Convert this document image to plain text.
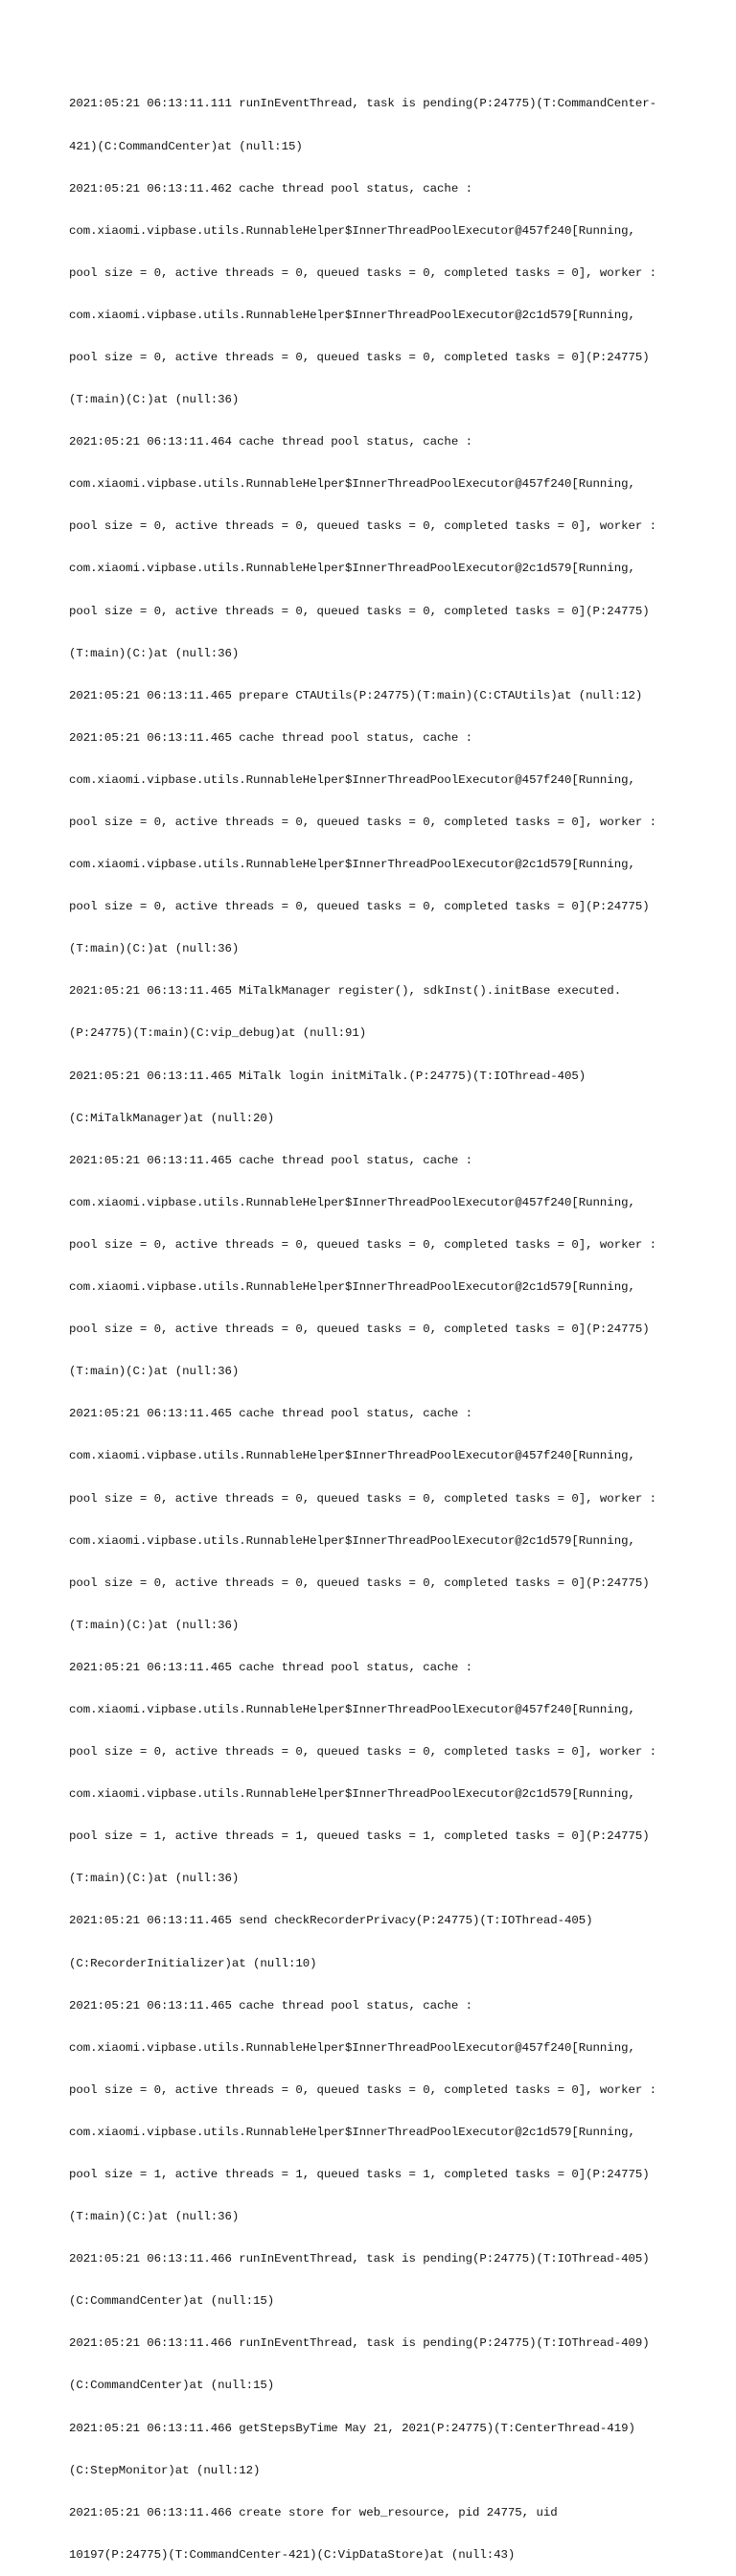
2021:05:21 06:13:11.111 runInEventThread, task is pending(P:24775)(T:CommandCenter-

421)(C:CommandCenter)at (null:15)

2021:05:21 06:13:11.462 cache thread pool status, cache :

com.xiaomi.vipbase.utils.RunnableHelper$InnerThreadPoolExecutor@457f240[Running,

pool size = 0, active threads = 0, queued tasks = 0, completed tasks = 0], worker :

com.xiaomi.vipbase.utils.RunnableHelper$InnerThreadPoolExecutor@2c1d579[Running,

pool size = 0, active threads = 0, queued tasks = 0, completed tasks = 0](P:24775)

(T:main)(C:)at (null:36)

2021:05:21 06:13:11.464 cache thread pool status, cache :

com.xiaomi.vipbase.utils.RunnableHelper$InnerThreadPoolExecutor@457f240[Running,

pool size = 0, active threads = 0, queued tasks = 0, completed tasks = 0], worker :

com.xiaomi.vipbase.utils.RunnableHelper$InnerThreadPoolExecutor@2c1d579[Running,

pool size = 0, active threads = 0, queued tasks = 0, completed tasks = 0](P:24775)

(T:main)(C:)at (null:36)

2021:05:21 06:13:11.465 prepare CTAUtils(P:24775)(T:main)(C:CTAUtils)at (null:12)

2021:05:21 06:13:11.465 cache thread pool status, cache :

com.xiaomi.vipbase.utils.RunnableHelper$InnerThreadPoolExecutor@457f240[Running,

pool size = 0, active threads = 0, queued tasks = 0, completed tasks = 0], worker :

com.xiaomi.vipbase.utils.RunnableHelper$InnerThreadPoolExecutor@2c1d579[Running,

pool size = 0, active threads = 0, queued tasks = 0, completed tasks = 0](P:24775)

(T:main)(C:)at (null:36)

2021:05:21 06:13:11.465 MiTalkManager register(), sdkInst().initBase executed.

(P:24775)(T:main)(C:vip_debug)at (null:91)

2021:05:21 06:13:11.465 MiTalk login initMiTalk.(P:24775)(T:IOThread-405)

(C:MiTalkManager)at (null:20)

2021:05:21 06:13:11.465 cache thread pool status, cache :

com.xiaomi.vipbase.utils.RunnableHelper$InnerThreadPoolExecutor@457f240[Running,

pool size = 0, active threads = 0, queued tasks = 0, completed tasks = 0], worker :

com.xiaomi.vipbase.utils.RunnableHelper$InnerThreadPoolExecutor@2c1d579[Running,

pool size = 0, active threads = 0, queued tasks = 0, completed tasks = 0](P:24775)

(T:main)(C:)at (null:36)

2021:05:21 06:13:11.465 cache thread pool status, cache :

com.xiaomi.vipbase.utils.RunnableHelper$InnerThreadPoolExecutor@457f240[Running,

pool size = 0, active threads = 0, queued tasks = 0, completed tasks = 0], worker :

com.xiaomi.vipbase.utils.RunnableHelper$InnerThreadPoolExecutor@2c1d579[Running,

pool size = 0, active threads = 0, queued tasks = 0, completed tasks = 0](P:24775)

(T:main)(C:)at (null:36)

2021:05:21 06:13:11.465 cache thread pool status, cache :

com.xiaomi.vipbase.utils.RunnableHelper$InnerThreadPoolExecutor@457f240[Running,

pool size = 0, active threads = 0, queued tasks = 0, completed tasks = 0], worker :

com.xiaomi.vipbase.utils.RunnableHelper$InnerThreadPoolExecutor@2c1d579[Running,

pool size = 1, active threads = 1, queued tasks = 1, completed tasks = 0](P:24775)

(T:main)(C:)at (null:36)

2021:05:21 06:13:11.465 send checkRecorderPrivacy(P:24775)(T:IOThread-405)

(C:RecorderInitializer)at (null:10)

2021:05:21 06:13:11.465 cache thread pool status, cache :

com.xiaomi.vipbase.utils.RunnableHelper$InnerThreadPoolExecutor@457f240[Running,

pool size = 0, active threads = 0, queued tasks = 0, completed tasks = 0], worker :

com.xiaomi.vipbase.utils.RunnableHelper$InnerThreadPoolExecutor@2c1d579[Running,

pool size = 1, active threads = 1, queued tasks = 1, completed tasks = 0](P:24775)

(T:main)(C:)at (null:36)

2021:05:21 06:13:11.466 runInEventThread, task is pending(P:24775)(T:IOThread-405)

(C:CommandCenter)at (null:15)

2021:05:21 06:13:11.466 runInEventThread, task is pending(P:24775)(T:IOThread-409)

(C:CommandCenter)at (null:15)

2021:05:21 06:13:11.466 getStepsByTime May 21, 2021(P:24775)(T:CenterThread-419)

(C:StepMonitor)at (null:12)

2021:05:21 06:13:11.466 create store for web_resource, pid 24775, uid

10197(P:24775)(T:CommandCenter-421)(C:VipDataStore)at (null:43)
